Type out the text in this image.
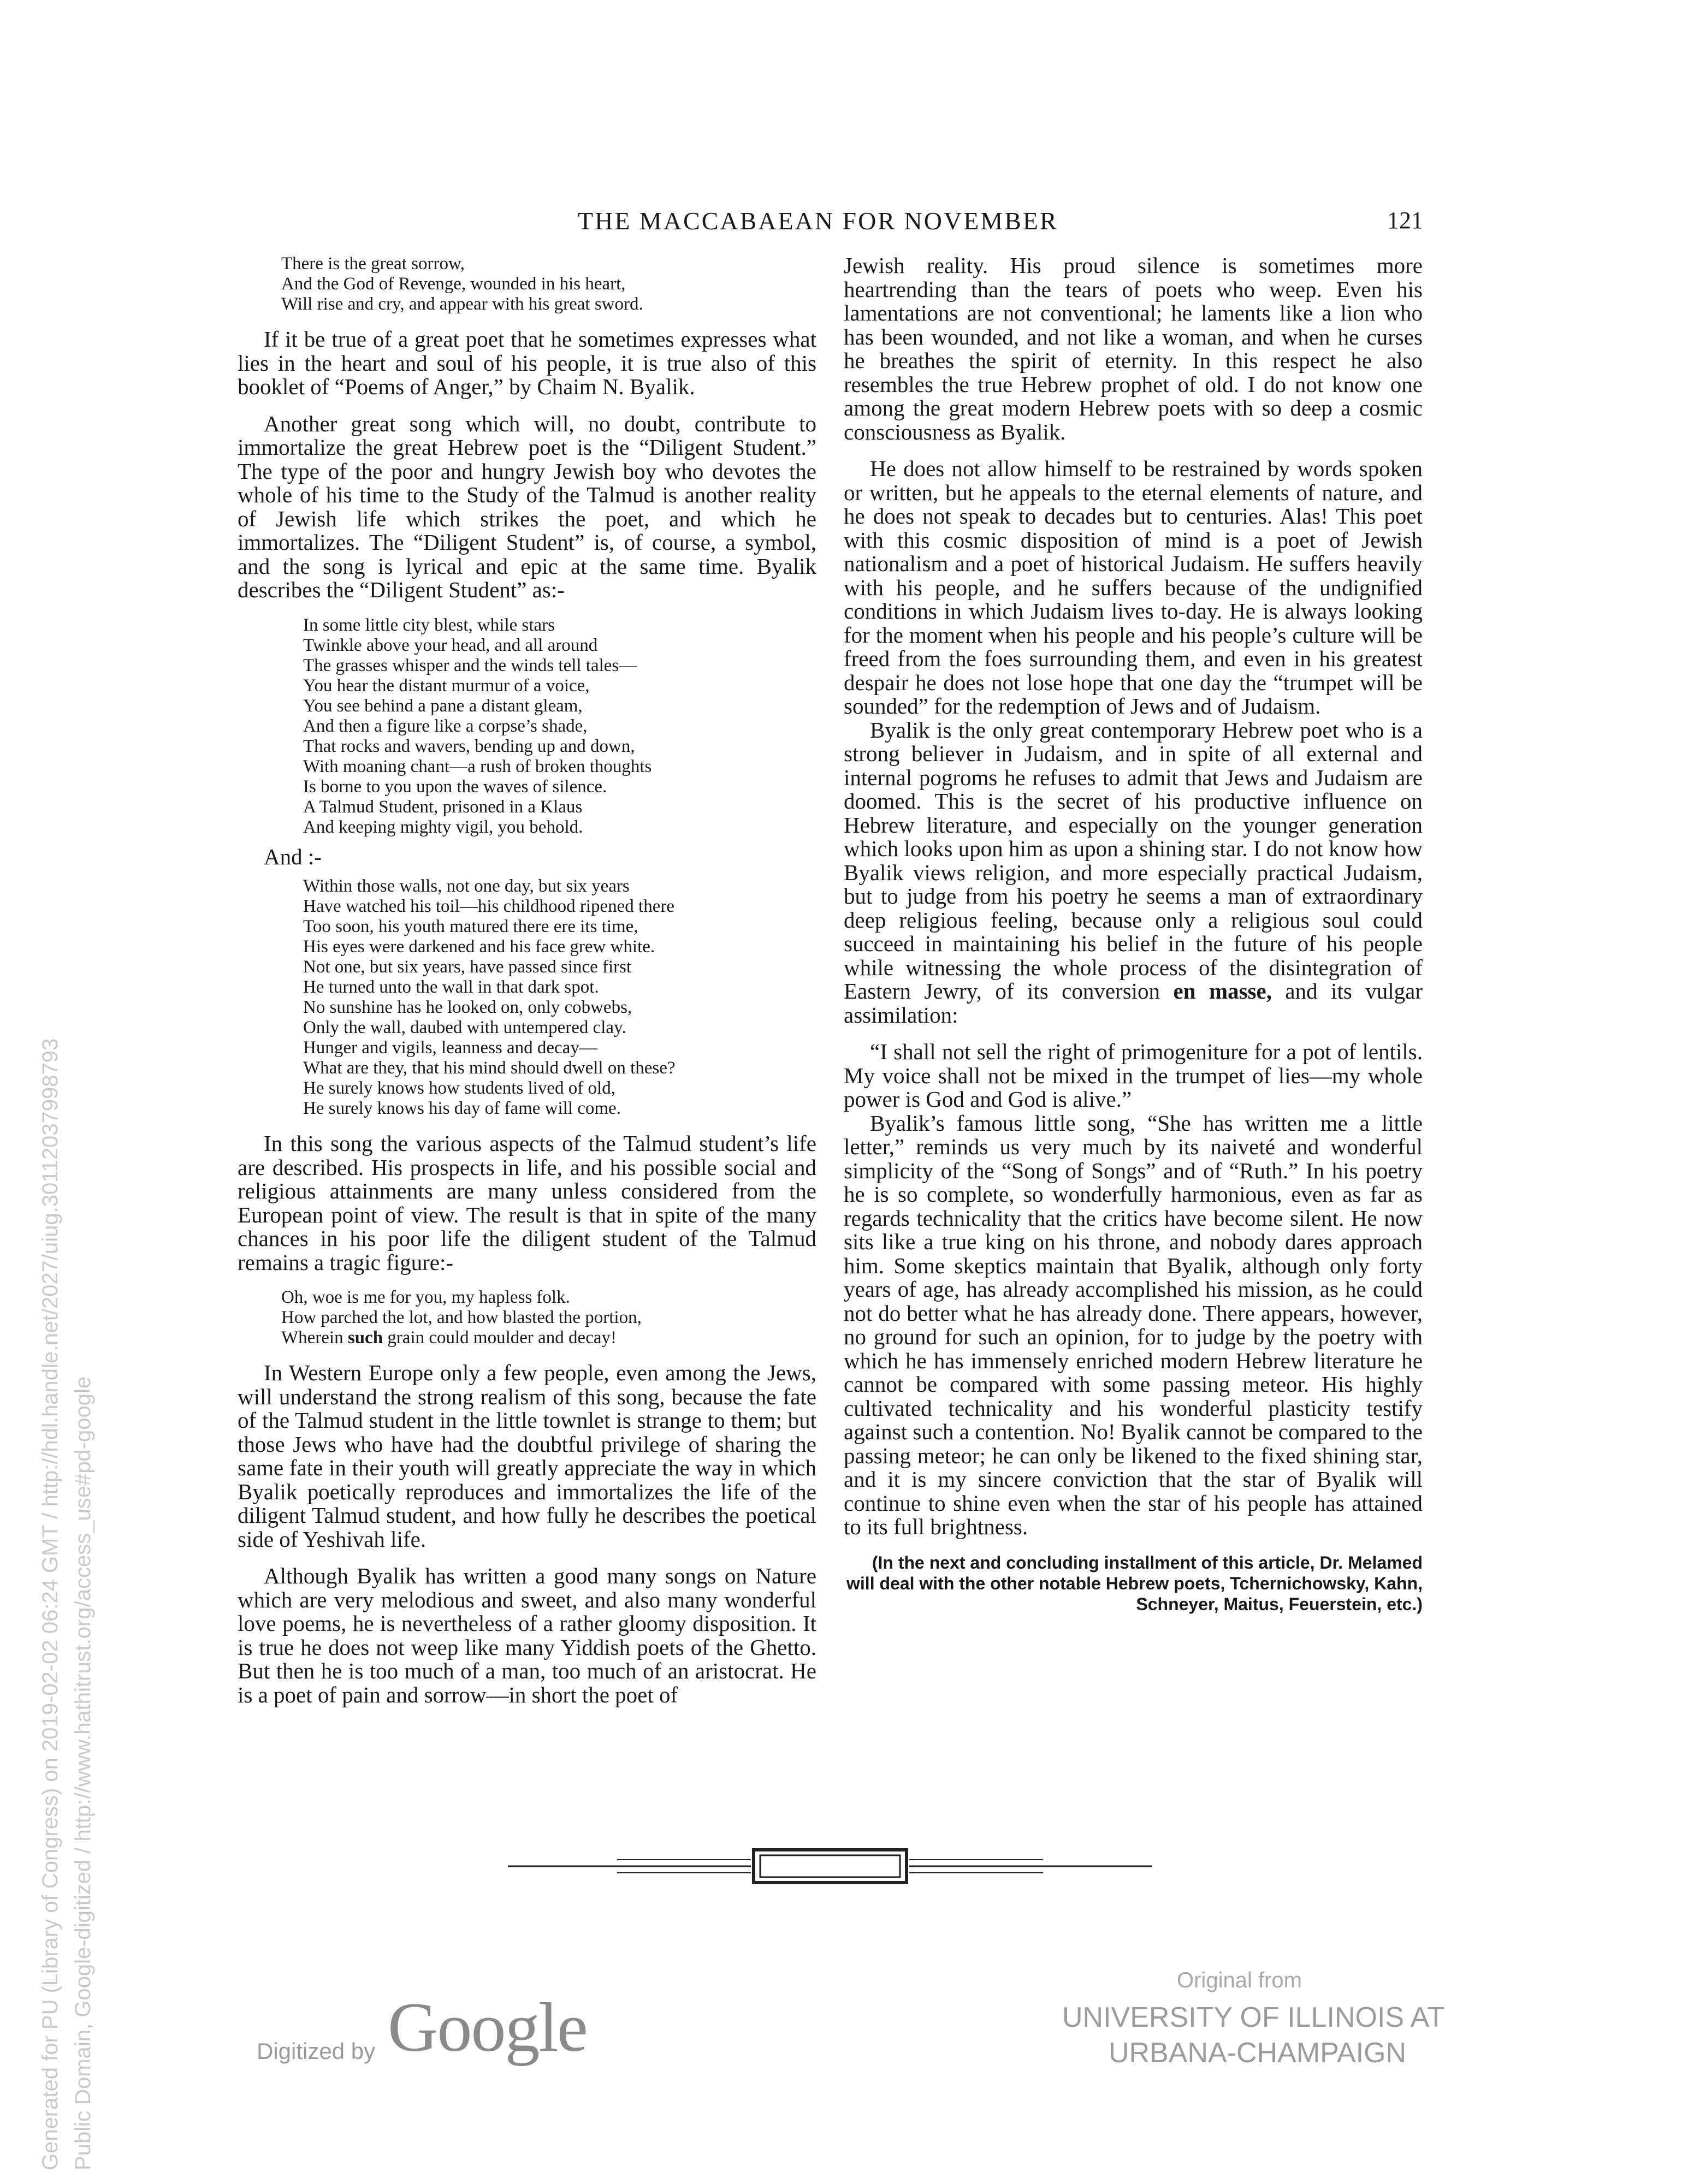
THE MACCABAEAN FOR NOVEMBER	121
There is the great sorrow,
And the God of Revenge, wounded in his heart,
Will rise and cry, and appear with his great sword.

If it be true of a great poet that he sometimes expresses what lies in the heart and soul of his people, it is true also of this booklet of “Poems of Anger,” by Chaim N. Byalik.

Another great song which will, no doubt, contribute to immortalize the great Hebrew poet is the “Diligent Student.” The type of the poor and hungry Jewish boy who devotes the whole of his time to the Study of the Talmud is another reality of Jewish life which strikes the poet, and which he immortalizes. The “Diligent Student” is, of course, a symbol, and the song is lyrical and epic at the same time. Byalik describes the “Diligent Student” as:-

In some little city blest, while stars
Twinkle above your head, and all around
The grasses whisper and the winds tell tales—
You hear the distant murmur of a voice,
You see behind a pane a distant gleam,
And then a figure like a corpse’s shade,
That rocks and wavers, bending up and down,
With moaning chant—a rush of broken thoughts
Is borne to you upon the waves of silence.
A Talmud Student, prisoned in a Klaus
And keeping mighty vigil, you behold.

And :-

Within those walls, not one day, but six years
Have watched his toil—his childhood ripened there
Too soon, his youth matured there ere its time,
His eyes were darkened and his face grew white.
Not one, but six years, have passed since first
He turned unto the wall in that dark spot.
No sunshine has he looked on, only cobwebs,
Only the wall, daubed with untempered clay.
Hunger and vigils, leanness and decay—
What are they, that his mind should dwell on these?
He surely knows how students lived of old,
He surely knows his day of fame will come.

In this song the various aspects of the Talmud student’s life are described. His prospects in life, and his possible social and religious attainments are many unless considered from the European point of view. The result is that in spite of the many chances in his poor life the diligent student of the Talmud remains a tragic figure:-

Oh, woe is me for you, my hapless folk.
How parched the lot, and how blasted the portion,
Wherein such grain could moulder and decay!

In Western Europe only a few people, even among the Jews, will understand the strong realism of this song, because the fate of the Talmud student in the little townlet is strange to them; but those Jews who have had the doubtful privilege of sharing the same fate in their youth will greatly appreciate the way in which Byalik poetically reproduces and immortalizes the life of the diligent Talmud student, and how fully he describes the poetical side of Yeshivah life.

Although Byalik has written a good many songs on Nature which are very melodious and sweet, and also many wonderful love poems, he is nevertheless of a rather gloomy disposition. It is true he does not weep like many Yiddish poets of the Ghetto. But then he is too much of a man, too much of an aristocrat. He is a poet of pain and sorrow—in short the poet of

Jewish reality. His proud silence is sometimes more heartrending than the tears of poets who weep. Even his lamentations are not conventional; he laments like a lion who has been wounded, and not like a woman, and when he curses he breathes the spirit of eternity. In this respect he also resembles the true Hebrew prophet of old. I do not know one among the great modern Hebrew poets with so deep a cosmic consciousness as Byalik.

He does not allow himself to be restrained by words spoken or written, but he appeals to the eternal elements of nature, and he does not speak to decades but to centuries. Alas! This poet with this cosmic disposition of mind is a poet of Jewish nationalism and a poet of historical Judaism. He suffers heavily with his people, and he suffers because of the undignified conditions in which Judaism lives to-day. He is always looking for the moment when his people and his people’s culture will be freed from the foes surrounding them, and even in his greatest despair he does not lose hope that one day the “trumpet will be sounded” for the redemption of Jews and of Judaism.

Byalik is the only great contemporary Hebrew poet who is a strong believer in Judaism, and in spite of all external and internal pogroms he refuses to admit that Jews and Judaism are doomed. This is the secret of his productive influence on Hebrew literature, and especially on the younger generation which looks upon him as upon a shining star. I do not know how Byalik views religion, and more especially practical Judaism, but to judge from his poetry he seems a man of extraordinary deep religious feeling, because only a religious soul could succeed in maintaining his belief in the future of his people while witnessing the whole process of the disintegration of Eastern Jewry, of its conversion en masse, and its vulgar assimilation:

“I shall not sell the right of primogeniture for a pot of lentils. My voice shall not be mixed in the trumpet of lies—my whole power is God and God is alive.”

Byalik’s famous little song, “She has written me a little letter,” reminds us very much by its naiveté and wonderful simplicity of the “Song of Songs” and of “Ruth.” In his poetry he is so complete, so wonderfully harmonious, even as far as regards technicality that the critics have become silent. He now sits like a true king on his throne, and nobody dares approach him. Some skeptics maintain that Byalik, although only forty years of age, has already accomplished his mission, as he could not do better what he has already done. There appears, however, no ground for such an opinion, for to judge by the poetry with which he has immensely enriched modern Hebrew literature he cannot be compared with some passing meteor. His highly cultivated technicality and his wonderful plasticity testify against such a contention. No! Byalik cannot be compared to the passing meteor; he can only be likened to the fixed shining star, and it is my sincere conviction that the star of Byalik will continue to shine even when the star of his people has attained to its full brightness.

(In the next and concluding installment of this article, Dr. Melamed will deal with the other notable Hebrew poets, Tchernichowsky, Kahn, Schneyer, Maitus, Feuerstein, etc.)

Digitized by Google
Original from
UNIVERSITY OF ILLINOIS AT
URBANA-CHAMPAIGN
Generated for PU (Library of Congress) on 2019-02-02 06:24 GMT / http://hdl.handle.net/2027/uiug.30112037998793 Public Domain, Google-digitized / http://www.hathitrust.org/access_use#pd-google
